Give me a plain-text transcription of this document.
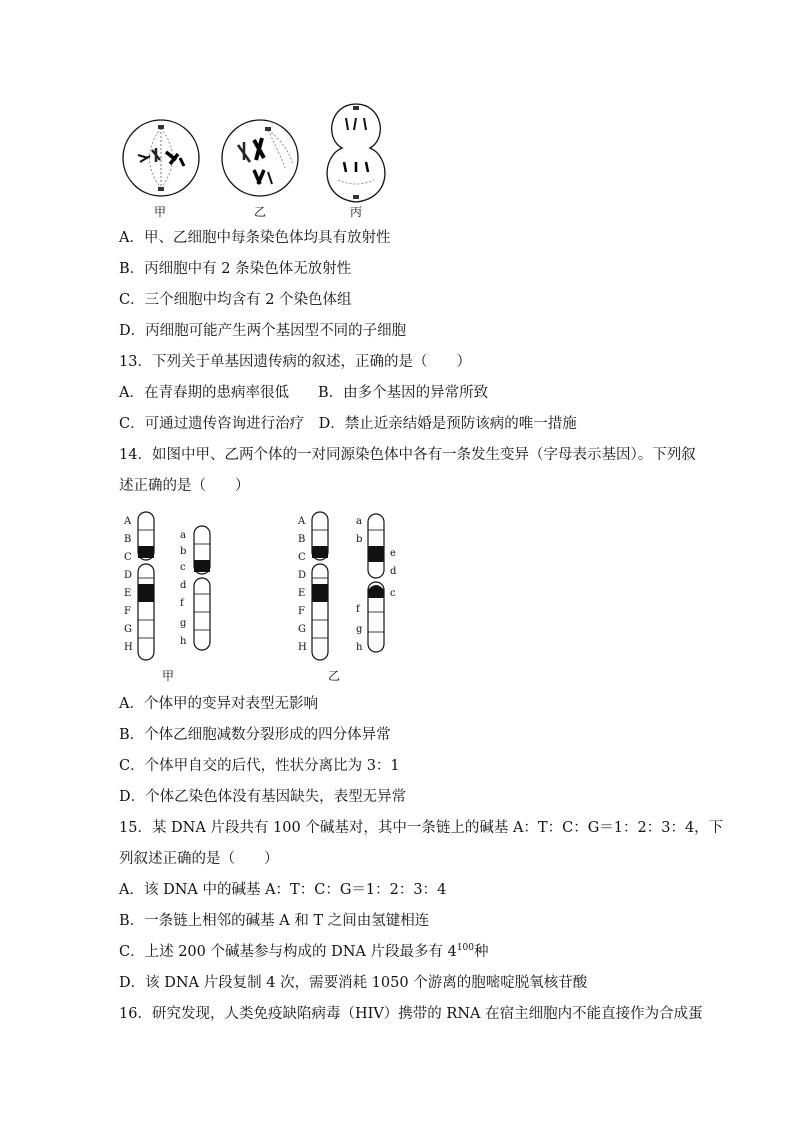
甲	乙	丙
A．甲、乙细胞中每条染色体均具有放射性
B．丙细胞中有 2 条染色体无放射性
C．三个细胞中均含有 2 个染色体组
D．丙细胞可能产生两个基因型不同的子细胞
13．下列关于单基因遗传病的叙述，正确的是（　　）
A．在青春期的患病率很低　　B．由多个基因的异常所致
C．可通过遗传咨询进行治疗　D．禁止近亲结婚是预防该病的唯一措施
14．如图中甲、乙两个体的一对同源染色体中各有一条发生变异（字母表示基因）。下列叙
述正确的是（　　）
A
B
C
D
E
F
G
H
a
b
c
d
f
g
h
A
B
C
D
E
F
G
H
a
b
e
d
c
f
g
h
甲	乙
A．个体甲的变异对表型无影响
B．个体乙细胞减数分裂形成的四分体异常
C．个体甲自交的后代，性状分离比为 3：1
D．个体乙染色体没有基因缺失，表型无异常
15．某 DNA 片段共有 100 个碱基对，其中一条链上的碱基 A：T：C：G＝1：2：3：4，下
列叙述正确的是（　　）
A．该 DNA 中的碱基 A：T：C：G＝1：2：3：4
B．一条链上相邻的碱基 A 和 T 之间由氢键相连
C．上述 200 个碱基参与构成的 DNA 片段最多有 $4^{100}$种
D．该 DNA 片段复制 4 次，需要消耗 1050 个游离的胞嘧啶脱氧核苷酸
16．研究发现，人类免疫缺陷病毒（HIV）携带的 RNA 在宿主细胞内不能直接作为合成蛋
